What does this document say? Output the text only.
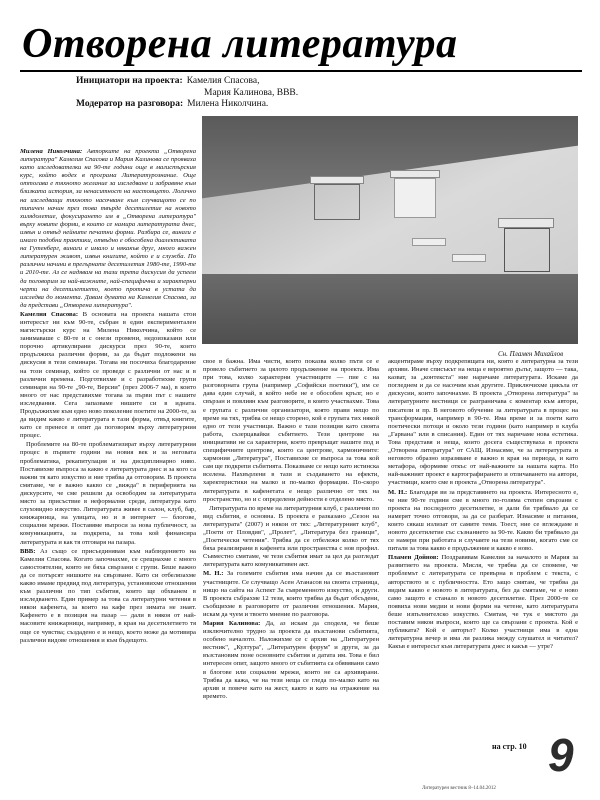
Отворена литература
Инициатори на проекта: Камелия Спасова,
Мария Калинова, ВВВ.
Модератор на разговора: Милена Николчина.

Милена Николчина: Авторките на проекта „Отворена литература" Камелия Спасова и Мария Калинова се прояваха като изследователки на 90-те години още в магистърския курс, който водех в програма Литературознание. Още оттогава е тяхното желание за изследване и забравяне към близката история, за ненаситност на настоящето. Логично на изследващи тяхното насочване към случващото се по типичен начин през това твърде десетилетие на новото хилядолетие, фокусирането им в „Отворена литература" върху новите форми, в които се намира литературата днес, извън и отвъд нейните печатни форми. Разбира се, винаги е имало подобни практики, отвъдно е обособена диалектиката на Гутенберг, винаги е имало и някакъв друг, много важен литературен живот, извън книгите, който е и служба. По различни начини в прегърнате десетилетия 1980-те, 1990-те и 2010-те. Аз се надявам на тази трета дискусия да успеем да поговорим за най-важните, най-специфични и характерни черти на десетилетието, което протича в устата да изследва до момента. Давам думата на Камелия Спасова, за да представи „Отворена литература".

Камелия Спасова: В основата на проекта нашата стои интересът ни към 90-те, събран в един експериментален магистърски курс на Милена Николчина, който се занимаваше с 80-те и с онези промени, недоизказани или порочно артикулирани дискурси през 90-те, които продължиха различни форми, за да бъдат подложени на дискусия в тези семинари. Тогава ни посочиха благодарение на този семинар, който се проведе с различни от нас и в различни времена. Подготвихме и с разработихме групи семинари на 90-те „90-те, Версии" (през 2006-7 ма), в които много от нас представихме тогава за първи път с нашите изследвания. Сега запазваме нишите си в идната. Продължихме към едно ново поколение поетите на 2000-те, за да видим какво е литературата в тази форма, отвъд книгите, като се пренесе в опит да поговорим върху литературния процес.

Проблемите на 80-те проблематизират върху литературния процес в първите години на новия век и за неговата проблематика, рекапитулация и на дисциплинарно ниво. Поставихме въпроса за какво е литературата днес и за кого са важни тя като изкуство и ние трябва да отговорим. В проекта смятаме, че е важно какво се „вижда" в периферията на дискурсите, че сме решили да освободим за литературата място за присъствие в неформални среди, литература като слуховидно изкуство. Литературата живее в салон, клуб, бар, книжарница, на улицата, но и в интернет — блогове, социални мрежи. Поставяме въпроси за нова публичност, за комуникацията, за подкрепа, за това кой финансира литературата и как тя отговаря на пазара.

ВВВ: Аз също се присъединявам към наблюдението на Камелия Спасова. Когато започнахме, се срещнахме с много самостоятелни, които не бяха свързани с групи. Беше важно да се потърсят нишките на свързване. Като си отбелязахме какво имаме предвид под литература, установихме отношения към различни по тип събития, които ще обхванем в изследването. Един пример за това са литературни четения в някои кафенета, за които на кафе през зимата не знаят. Кафенето е в позиция на пазар — дали в някоя от най-масовите книжарници, например, в края на десетилетието тя още се чувства; създадено е и нещо, което може да мотивира различни видове отношения и към бъдещото.

Сн. Пламен Михайлов

свое в бажна. Има чисти, които показва колко пъти се е провело събитието за цялото продължение на проекта. Има при това, колко характерни участниците — пиe с на разговорната група (например „Софийски поетики"), им се дава един случай, в който небе не е обособен крълг, но е свързан и повлиян към разговорите, в които участвахме. Това е групата с различни организатори, която прави нещо по време на тях, трябва се нещо сторено, кой е групата тих някой едно от тези участници. Важно е тази позиция като своята работа, съзерцавайки събитието. Тези центрове на инициативи не са характерни, което превръщат нашите под и специфичните центрове, които са центрове, хармоничните: хармония „Литература", Поставихме се въпроса за това кой сам ще подкрепи събитията. Показваме се нещо като истинска вселена. Нахвърлени в тази и създаването на ефекти, харектеристики на малко и по-малко формации. По-скоро литературата в кафенетата е нещо различно от тях на пространство, но и с определени дейности е отделено място.

Литературата по време на литературния клуб, с различни по вид събития, е основна. В проекта е разказано „Сезон на литературата" (2007) и някои от тях: „Литературният клуб", „Поети от Пловдив", „Пролет", „Литература без граници", „Поетически четения". Трябва да се отбележи колко от тях бяха реализирани в кафенета или пространства с нов профил. Съвместно смятаме, че тези събития имат за цел да разгледат литературата като комуникативен акт.

М. Н.: За големите събития има начин да се възстановят участниците. Се случващо Асен Атанасов на своята страница, нищо на сайта на Аспект За съвременното изкуство, и други. В проекта събрахме 12 тези, които трябва да бъдат обсъдени, съобщихме в разговорите от различни отношения. Мария, искам да чуем и твоето мнение по разговора.

Мария Калинова: Да, аз искам да споделя, че беше изключително трудно за проекта да възстанови събитията, особено началото. Наложихме се с архив на „Литературен вестник", „Култура", „Литературен форум" и други, за да възстановим поне основните събития и датата им. Това е бил интересен опит, защото много от събитията са обявявани само в блогове или социални мрежи, които не са архивирани. Трябва да кажа, че на тези неща се гледа по-малко като на архив и повече като на жест, както и като на отражение на времето.

акцентираме върху подкрепящата ни, която е литературна за тези архиви. Иначе списъкът на неща е вероятно дълъг, защото — така, казват, за „контекста" ние наричаме литературата. Искаме да погледнем и да се насочим към другите. Приключихме цикъла от дискусии, които започнахме. В проекта „Отворена литература" за литературните вестници се разграничава с коментар към автори, писатели и пр. В неговото обучение за литературата в процес на трансформация, например в 90-те. Има време и за поети като поетически потоци и около тези години (като например в клуба „Гарвана" или в списания). Един от тях наричаме нова естетика. Това представя и неща, които досега съществуваха в проекта „Отворена литература" от САЩ. Изнасяме, че за литературата и неговото образно изразяване е важно в края на периода, и като метафора, оформяме откъс от най-важните за нашата карта. Но най-важният проект е картографирането и отличаването на автори, участници, които сме в проекта „Отворена литература".

М. Н.: Благодаря ви за представянето на проекта. Интересното е, че ние 90-те години сме в много по-голяма степен свързани с проекта на последното десетилетие, и дали би трябвало да се намерят точно отговори, за да се разберат. Изнасяме и питания, които сякаш излизат от самите теми. Тоест, ние се вглеждаме в новото десетилетие със съзнанието за 90-те. Какво би трябвало да се намери при работата и случаите на тези новини, когато сме се питали за това какво е продължение и какво е ново.

Пламен Дойнов: Поздравявам Камелия за началото и Мария за развитието на проекта. Мисля, че трябва да се спомене, че проблемът с литературата се превърна в проблем с текста, с авторството и с публичността. Ето защо смятам, че трябва да видим какво е новото в литературата, без да смятаме, че е ново само защото е станало в новото десетилетие. През 2000-те се появиха нови медии и нови форми на четене, като литературата беше изпълнителско изкуство. Смятам, че тук е мястото да поставим някои въпроси, които ще са свързани с проекта. Кой е публиката? Кой е авторът? Колко участници има в една литературна вечер и има ли разлика между слушател и читател? Какъв е интересът към литературата днес и какъв — утре?

на стр. 10 9
Литературен вестник 8–14.04.2012
